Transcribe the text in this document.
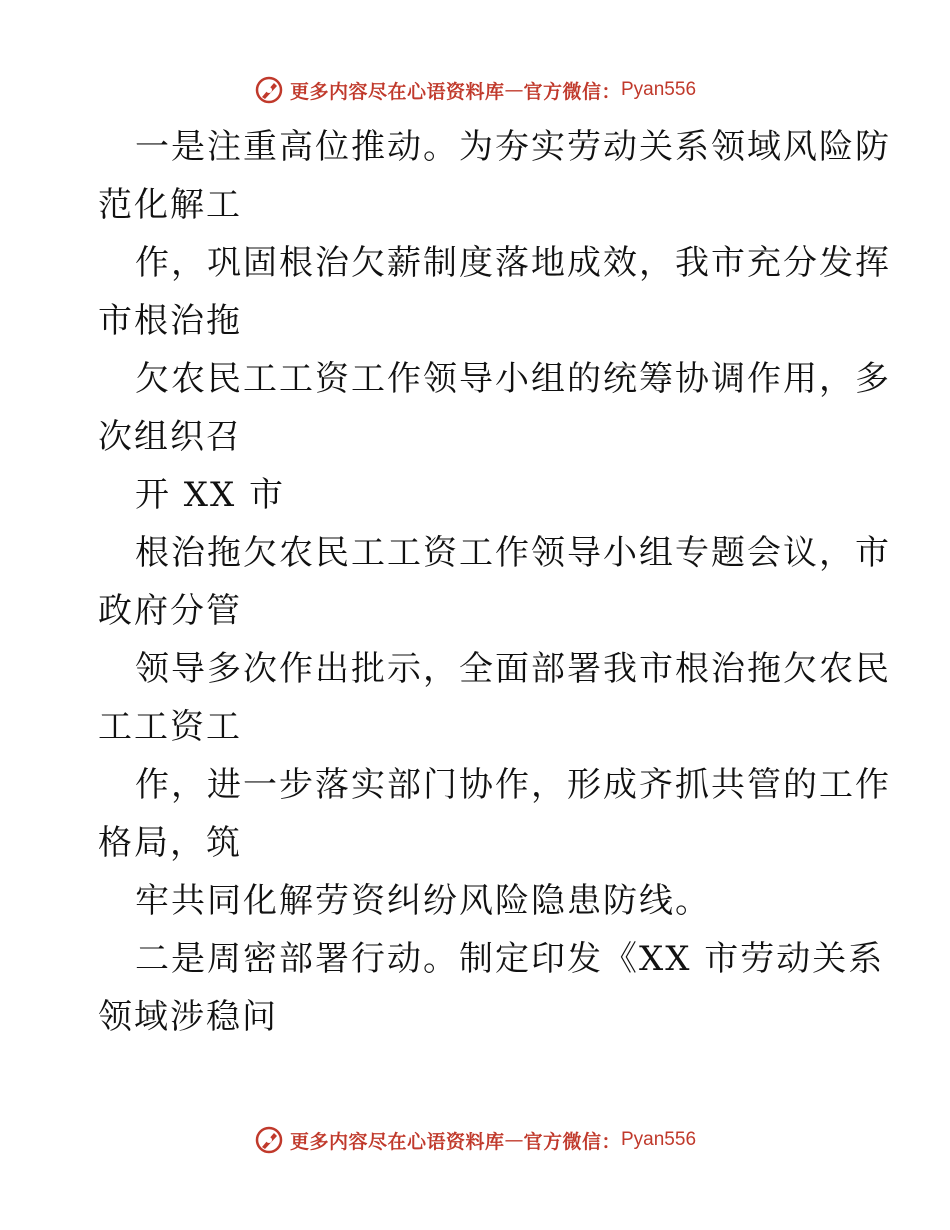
更多内容尽在心语资料库 — 官方微信： Pyan556
一是注重高位推动。为夯实劳动关系领域风险防
范化解工
作，巩固根治欠薪制度落地成效，我市充分发挥
市根治拖
欠农民工工资工作领导小组的统筹协调作用，多
次组织召
开 XX 市
根治拖欠农民工工资工作领导小组专题会议，市
政府分管
领导多次作出批示，全面部署我市根治拖欠农民
工工资工
作，进一步落实部门协作，形成齐抓共管的工作
格局，筑
牢共同化解劳资纠纷风险隐患防线。
二是周密部署行动。制定印发《XX 市劳动关系
领域涉稳问
更多内容尽在心语资料库 — 官方微信： Pyan556
